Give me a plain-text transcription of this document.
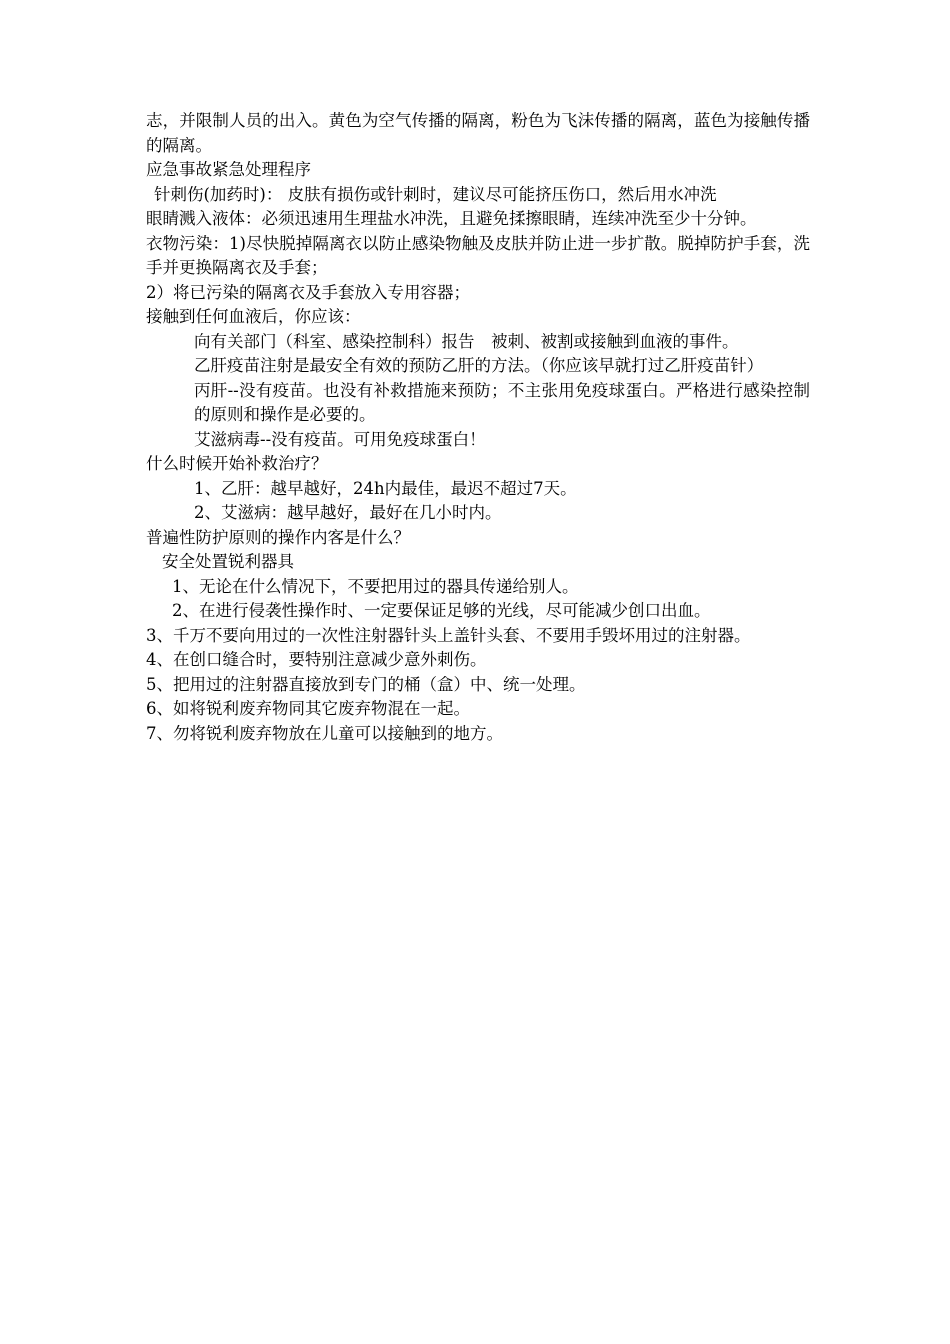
志，并限制人员的出入。黄色为空气传播的隔离，粉色为飞沫传播的隔离，蓝色为接触传播的隔离。

应急事故紧急处理程序

针刺伤(加药时)： 皮肤有损伤或针刺时，建议尽可能挤压伤口，然后用水冲洗

眼睛溅入液体：必须迅速用生理盐水冲洗，且避免揉擦眼睛，连续冲洗至少十分钟。

衣物污染：1)尽快脱掉隔离衣以防止感染物触及皮肤并防止进一步扩散。脱掉防护手套，洗手并更换隔离衣及手套；

2）将已污染的隔离衣及手套放入专用容器；

接触到任何血液后，你应该：

向有关部门（科室、感染控制科）报告　被刺、被割或接触到血液的事件。

乙肝疫苗注射是最安全有效的预防乙肝的方法。（你应该早就打过乙肝疫苗针）

丙肝--没有疫苗。也没有补救措施来预防；不主张用免疫球蛋白。严格进行感染控制的原则和操作是必要的。

艾滋病毒--没有疫苗。可用免疫球蛋白！

什么时候开始补救治疗？

1、乙肝：越早越好，24h内最佳，最迟不超过7天。

2、艾滋病：越早越好，最好在几小时内。

普遍性防护原则的操作内客是什么？

安全处置锐利器具

1、无论在什么情况下，不要把用过的器具传递给别人。

2、在进行侵袭性操作时、一定要保证足够的光线，尽可能减少创口出血。

3、千万不要向用过的一次性注射器针头上盖针头套、不要用手毁坏用过的注射器。

4、在创口缝合时，要特别注意减少意外刺伤。

5、把用过的注射器直接放到专门的桶（盒）中、统一处理。

6、如将锐利废弃物同其它废弃物混在一起。

7、勿将锐利废弃物放在儿童可以接触到的地方。
